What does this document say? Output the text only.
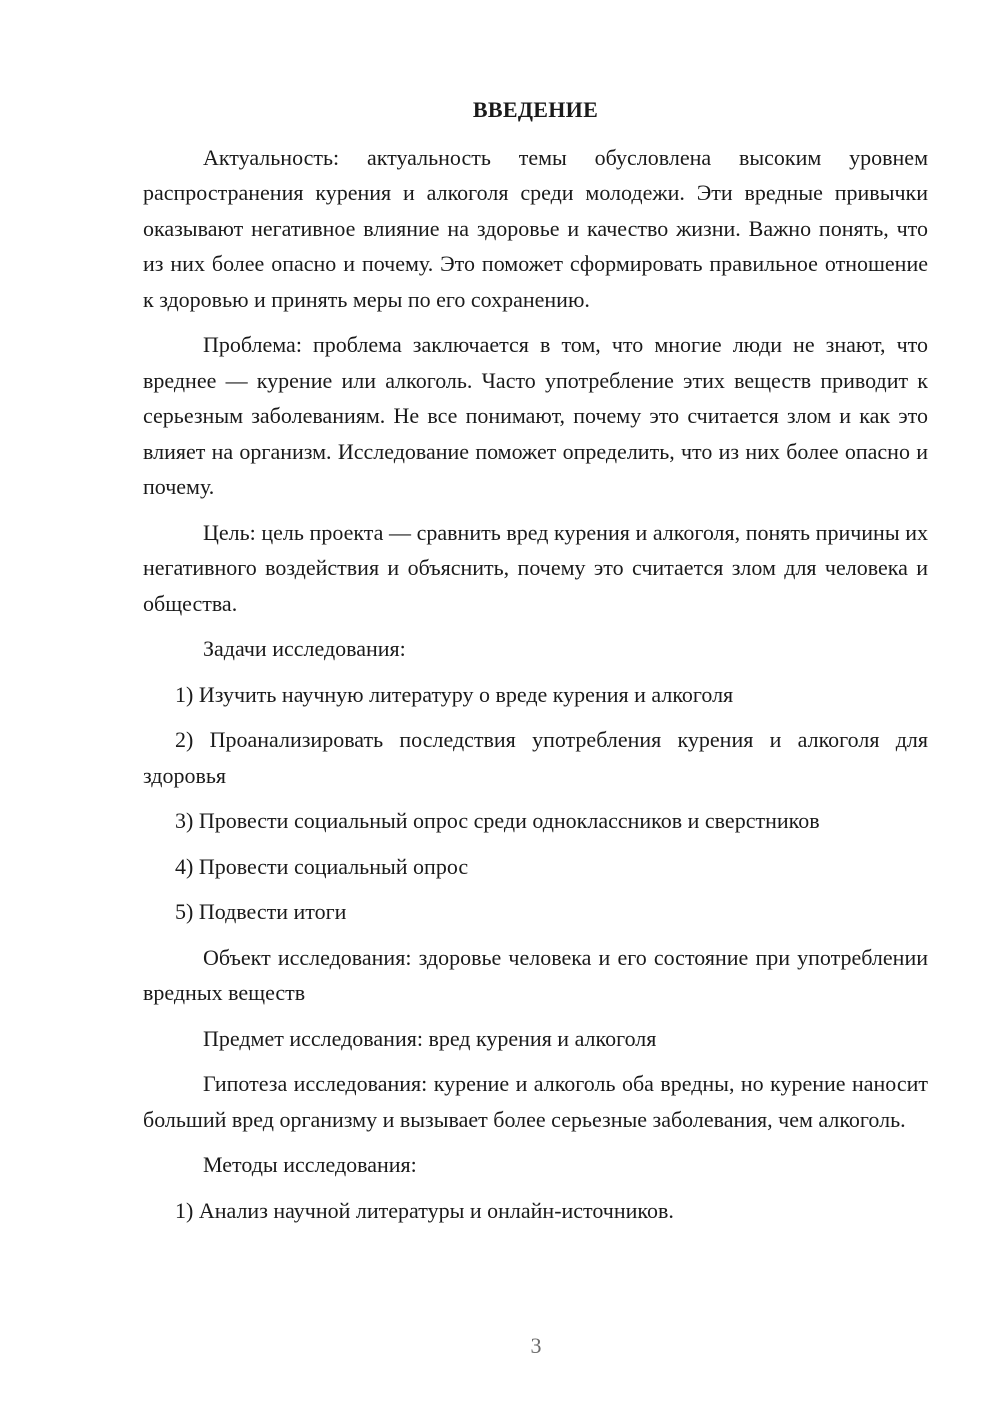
ВВЕДЕНИЕ

Актуальность: актуальность темы обусловлена высоким уровнем распространения курения и алкоголя среди молодежи. Эти вредные привычки оказывают негативное влияние на здоровье и качество жизни. Важно понять, что из них более опасно и почему. Это поможет сформировать правильное отношение к здоровью и принять меры по его сохранению.

Проблема: проблема заключается в том, что многие люди не знают, что вреднее — курение или алкоголь. Часто употребление этих веществ приводит к серьезным заболеваниям. Не все понимают, почему это считается злом и как это влияет на организм. Исследование поможет определить, что из них более опасно и почему.

Цель: цель проекта — сравнить вред курения и алкоголя, понять причины их негативного воздействия и объяснить, почему это считается злом для человека и общества.

Задачи исследования:

1) Изучить научную литературу о вреде курения и алкоголя

2) Проанализировать последствия употребления курения и алкоголя для здоровья

3) Провести социальный опрос среди одноклассников и сверстников

4) Провести социальный опрос

5) Подвести итоги

Объект исследования: здоровье человека и его состояние при употреблении вредных веществ

Предмет исследования: вред курения и алкоголя

Гипотеза исследования: курение и алкоголь оба вредны, но курение наносит больший вред организму и вызывает более серьезные заболевания, чем алкоголь.

Методы исследования:

1) Анализ научной литературы и онлайн-источников.

3
